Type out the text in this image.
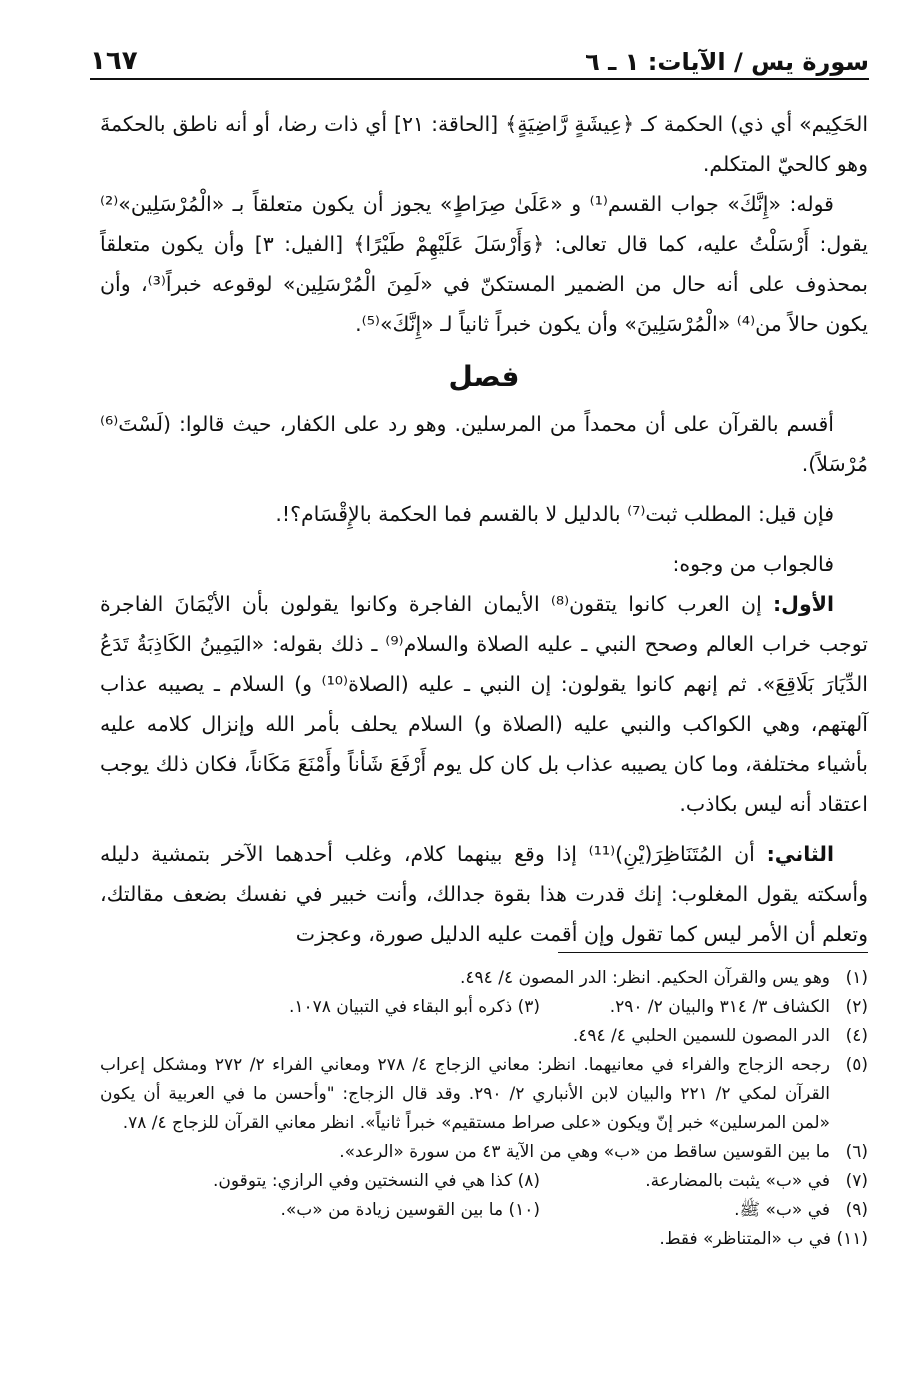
سورة يس / الآيات: ١ ـ ٦
١٦٧

الحَكِيم» أي ذي) الحكمة كـ ﴿عِيشَةٍ رَّاضِيَةٍ﴾ [الحاقة: ٢١] أي ذات رضا، أو أنه ناطق بالحكمةَ وهو كالحيّ المتكلم.

قوله: «إِنَّكَ» جواب القسم⁽¹⁾ و «عَلَىٰ صِرَاطٍ» يجوز أن يكون متعلقاً بـ «الْمُرْسَلِين»⁽²⁾ يقول: أَرْسَلْتُ عليه، كما قال تعالى: ﴿وَأَرْسَلَ عَلَيْهِمْ طَيْرًا﴾ [الفيل: ٣] وأن يكون متعلقاً بمحذوف على أنه حال من الضمير المستكنّ في «لَمِنَ الْمُرْسَلِين» لوقوعه خبراً⁽³⁾، وأن يكون حالاً من⁽⁴⁾ «الْمُرْسَلِينَ» وأن يكون خبراً ثانياً لـ «إِنَّكَ»⁽⁵⁾.

فصل

أقسم بالقرآن على أن محمداً من المرسلين. وهو رد على الكفار، حيث قالوا: (لَسْتَ⁽⁶⁾ مُرْسَلاً).

فإن قيل: المطلب ثبت⁽⁷⁾ بالدليل لا بالقسم فما الحكمة بالإِقْسَام؟!.

فالجواب من وجوه:

الأول: إن العرب كانوا يتقون⁽⁸⁾ الأيمان الفاجرة وكانوا يقولون بأن الأيْمَانَ الفاجرة توجب خراب العالم وصحح النبي ـ عليه الصلاة والسلام⁽⁹⁾ ـ ذلك بقوله: «اليَمِينُ الكَاذِبَةُ تَدَعُ الدِّيَارَ بَلَاقِعَ». ثم إنهم كانوا يقولون: إن النبي ـ عليه (الصلاة⁽¹⁰⁾ و) السلام ـ يصيبه عذاب آلهتهم، وهي الكواكب والنبي عليه (الصلاة و) السلام يحلف بأمر الله وإنزال كلامه عليه بأشياء مختلفة، وما كان يصيبه عذاب بل كان كل يوم أَرْفَعَ شَأناً وأَمْنَعَ مَكَاناً، فكان ذلك يوجب اعتقاد أنه ليس بكاذب.

الثاني: أن المُتَنَاظِرَ(يْنِ)⁽¹¹⁾ إذا وقع بينهما كلام، وغلب أحدهما الآخر بتمشية دليله وأسكته يقول المغلوب: إنك قدرت هذا بقوة جدالك، وأنت خبير في نفسك بضعف مقالتك، وتعلم أن الأمر ليس كما تقول وإن أقمت عليه الدليل صورة، وعجزت

(١)
وهو يس والقرآن الحكيم. انظر: الدر المصون ٤/ ٤٩٤.
(٢)
الكشاف ٣/ ٣١٤ والبيان ٢/ ٢٩٠.
(٣) ذكره أبو البقاء في التبيان ١٠٧٨.
(٤)
الدر المصون للسمين الحلبي ٤/ ٤٩٤.
(٥)
رجحه الزجاج والفراء في معانيهما. انظر: معاني الزجاج ٤/ ٢٧٨ ومعاني الفراء ٢/ ٢٧٢ ومشكل إعراب القرآن لمكي ٢/ ٢٢١ والبيان لابن الأنباري ٢/ ٢٩٠. وقد قال الزجاج: "وأحسن ما في العربية أن يكون «لمن المرسلين» خبر إنّ ويكون «على صراط مستقيم» خبراً ثانياً». انظر معاني القرآن للزجاج ٤/ ٧٨.
(٦)
ما بين القوسين ساقط من «ب» وهي من الآية ٤٣ من سورة «الرعد».
(٧)
في «ب» يثبت بالمضارعة.
(٨) كذا هي في النسختين وفي الرازي: يتوقون.
(٩)
في «ب» ﷺ.
(١٠) ما بين القوسين زيادة من «ب».
(١١) في ب «المتناظر» فقط.
